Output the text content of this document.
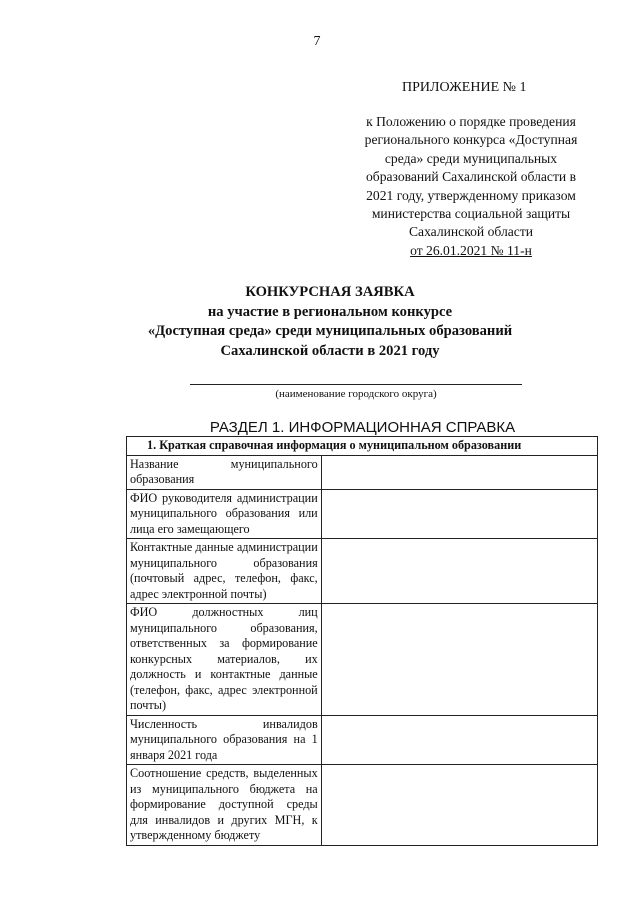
7
ПРИЛОЖЕНИЕ № 1
к Положению о порядке проведения
регионального конкурса «Доступная
среда» среди муниципальных
образований Сахалинской области в
2021 году, утвержденному приказом
министерства социальной защиты
Сахалинской области
от 26.01.2021 № 11-н
КОНКУРСНАЯ ЗАЯВКА
на участие в региональном конкурсе
«Доступная среда» среди муниципальных образований
Сахалинской области в 2021 году
(наименование городского округа)
РАЗДЕЛ 1. ИНФОРМАЦИОННАЯ СПРАВКА
1. Краткая справочная информация о муниципальном образовании	
Название муниципального образования	
ФИО руководителя администрации муниципального образования или лица его замещающего	
Контактные данные администрации муниципального образования (почтовый адрес, телефон, факс, адрес электронной почты)	
ФИО должностных лиц муниципального образования, ответственных за формирование конкурсных материалов, их должность и контактные данные (телефон, факс, адрес электронной почты)	
Численность инвалидов муниципального образования на 1 января 2021 года	
Соотношение средств, выделенных из муниципального бюджета на формирование доступной среды для инвалидов и других МГН, к утвержденному бюджету	
